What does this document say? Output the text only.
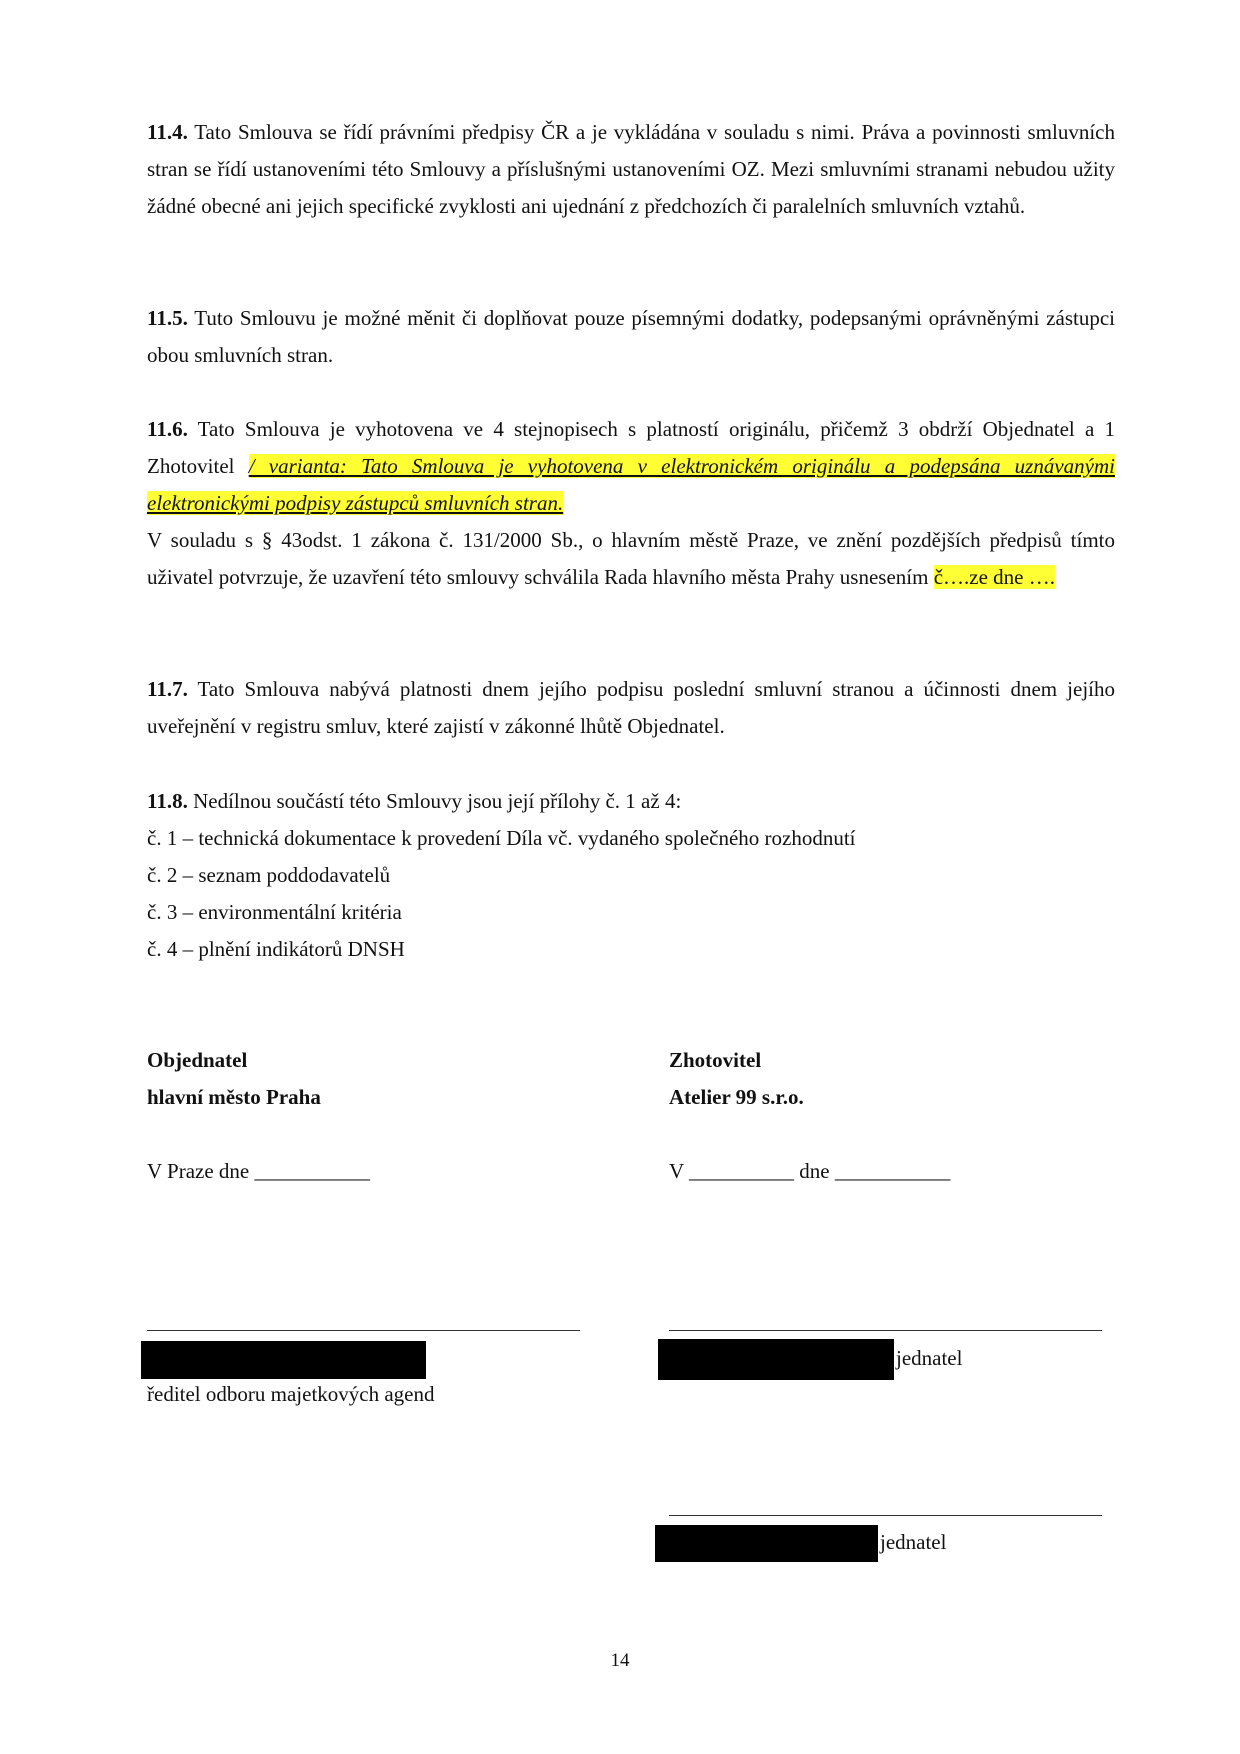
11.4. Tato Smlouva se řídí právními předpisy ČR a je vykládána v souladu s nimi. Práva a povinnosti smluvních stran se řídí ustanoveními této Smlouvy a příslušnými ustanoveními OZ. Mezi smluvními stranami nebudou užity žádné obecné ani jejich specifické zvyklosti ani ujednání z předchozích či paralelních smluvních vztahů.

11.5. Tuto Smlouvu je možné měnit či doplňovat pouze písemnými dodatky, podepsanými oprávněnými zástupci obou smluvních stran.

11.6. Tato Smlouva je vyhotovena ve 4 stejnopisech s platností originálu, přičemž 3 obdrží Objednatel a 1 Zhotovitel / varianta: Tato Smlouva je vyhotovena v elektronickém originálu a podepsána uznávanými elektronickými podpisy zástupců smluvních stran.

V souladu s § 43odst. 1 zákona č. 131/2000 Sb., o hlavním městě Praze, ve znění pozdějších předpisů tímto uživatel potvrzuje, že uzavření této smlouvy schválila Rada hlavního města Prahy usnesením č….ze dne ….

11.7. Tato Smlouva nabývá platnosti dnem jejího podpisu poslední smluvní stranou a účinnosti dnem jejího uveřejnění v registru smluv, které zajistí v zákonné lhůtě Objednatel.

11.8. Nedílnou součástí této Smlouvy jsou její přílohy č. 1 až 4:

č. 1 – technická dokumentace k provedení Díla vč. vydaného společného rozhodnutí

č. 2 – seznam poddodavatelů

č. 3 – environmentální kritéria

č. 4 – plnění indikátorů DNSH

Objednatel

hlavní město Praha

V Praze dne ___________

ředitel odboru majetkových agend

Zhotovitel

Atelier 99 s.r.o.

V __________ dne ___________

jednatel

jednatel

14
